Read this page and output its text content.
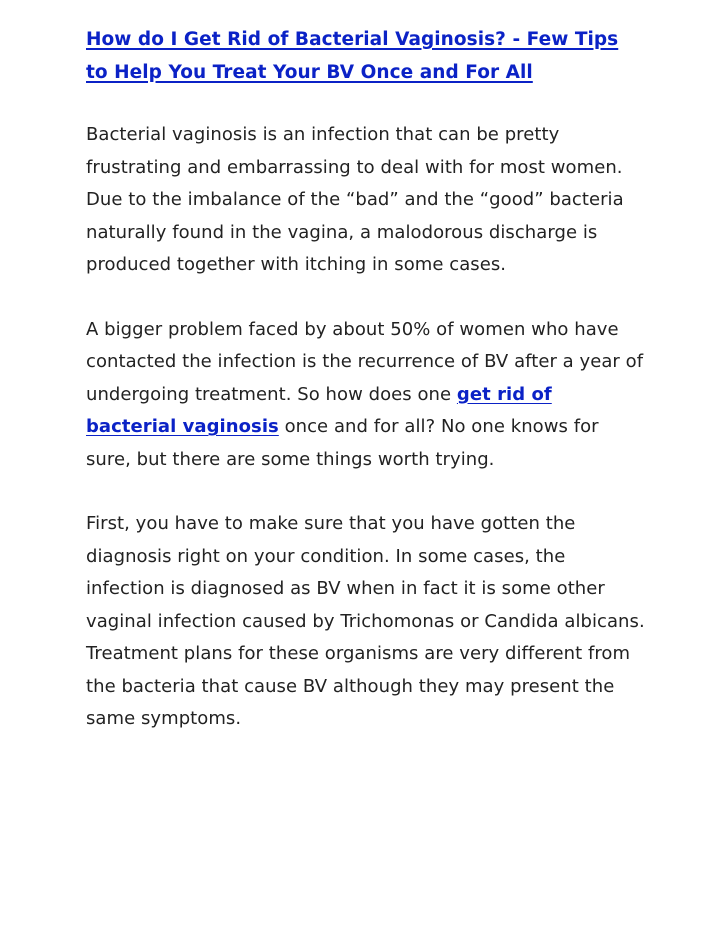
How do I Get Rid of Bacterial Vaginosis? - Few Tips to Help You Treat Your BV Once and For All

Bacterial vaginosis is an infection that can be pretty frustrating and embarrassing to deal with for most women. Due to the imbalance of the “bad” and the “good” bacteria naturally found in the vagina, a malodorous discharge is produced together with itching in some cases.

A bigger problem faced by about 50% of women who have contacted the infection is the recurrence of BV after a year of undergoing treatment. So how does one get rid of bacterial vaginosis once and for all? No one knows for sure, but there are some things worth trying.

First, you have to make sure that you have gotten the diagnosis right on your condition. In some cases, the infection is diagnosed as BV when in fact it is some other vaginal infection caused by Trichomonas or Candida albicans. Treatment plans for these organisms are very different from the bacteria that cause BV although they may present the same symptoms.
